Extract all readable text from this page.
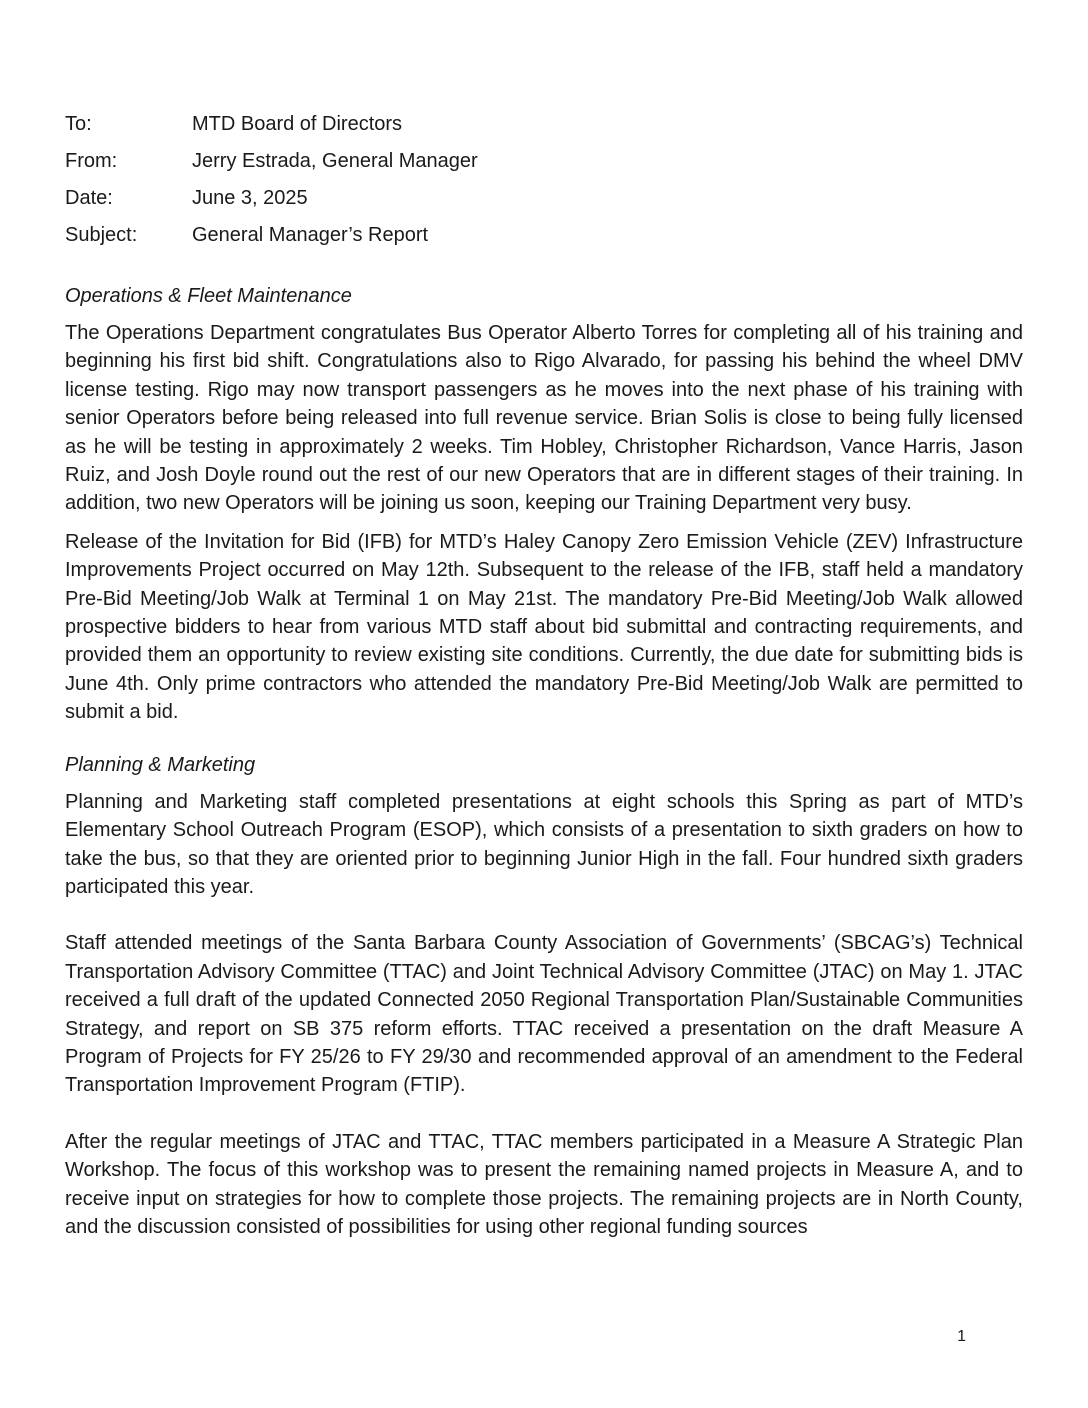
To:	MTD Board of Directors
From:	Jerry Estrada, General Manager
Date:	June 3, 2025
Subject:	General Manager’s Report
Operations & Fleet Maintenance

The Operations Department congratulates Bus Operator Alberto Torres for completing all of his training and beginning his first bid shift. Congratulations also to Rigo Alvarado, for passing his behind the wheel DMV license testing. Rigo may now transport passengers as he moves into the next phase of his training with senior Operators before being released into full revenue service. Brian Solis is close to being fully licensed as he will be testing in approximately 2 weeks. Tim Hobley, Christopher Richardson, Vance Harris, Jason Ruiz, and Josh Doyle round out the rest of our new Operators that are in different stages of their training. In addition, two new Operators will be joining us soon, keeping our Training Department very busy.

Release of the Invitation for Bid (IFB) for MTD’s Haley Canopy Zero Emission Vehicle (ZEV) Infrastructure Improvements Project occurred on May 12th. Subsequent to the release of the IFB, staff held a mandatory Pre-Bid Meeting/Job Walk at Terminal 1 on May 21st. The mandatory Pre-Bid Meeting/Job Walk allowed prospective bidders to hear from various MTD staff about bid submittal and contracting requirements, and provided them an opportunity to review existing site conditions. Currently, the due date for submitting bids is June 4th. Only prime contractors who attended the mandatory Pre-Bid Meeting/Job Walk are permitted to submit a bid.

Planning & Marketing

Planning and Marketing staff completed presentations at eight schools this Spring as part of MTD’s Elementary School Outreach Program (ESOP), which consists of a presentation to sixth graders on how to take the bus, so that they are oriented prior to beginning Junior High in the fall. Four hundred sixth graders participated this year.

Staff attended meetings of the Santa Barbara County Association of Governments’ (SBCAG’s) Technical Transportation Advisory Committee (TTAC) and Joint Technical Advisory Committee (JTAC) on May 1. JTAC received a full draft of the updated Connected 2050 Regional Transportation Plan/Sustainable Communities Strategy, and report on SB 375 reform efforts. TTAC received a presentation on the draft Measure A Program of Projects for FY 25/26 to FY 29/30 and recommended approval of an amendment to the Federal Transportation Improvement Program (FTIP).

After the regular meetings of JTAC and TTAC, TTAC members participated in a Measure A Strategic Plan Workshop. The focus of this workshop was to present the remaining named projects in Measure A, and to receive input on strategies for how to complete those projects. The remaining projects are in North County, and the discussion consisted of possibilities for using other regional funding sources

1
